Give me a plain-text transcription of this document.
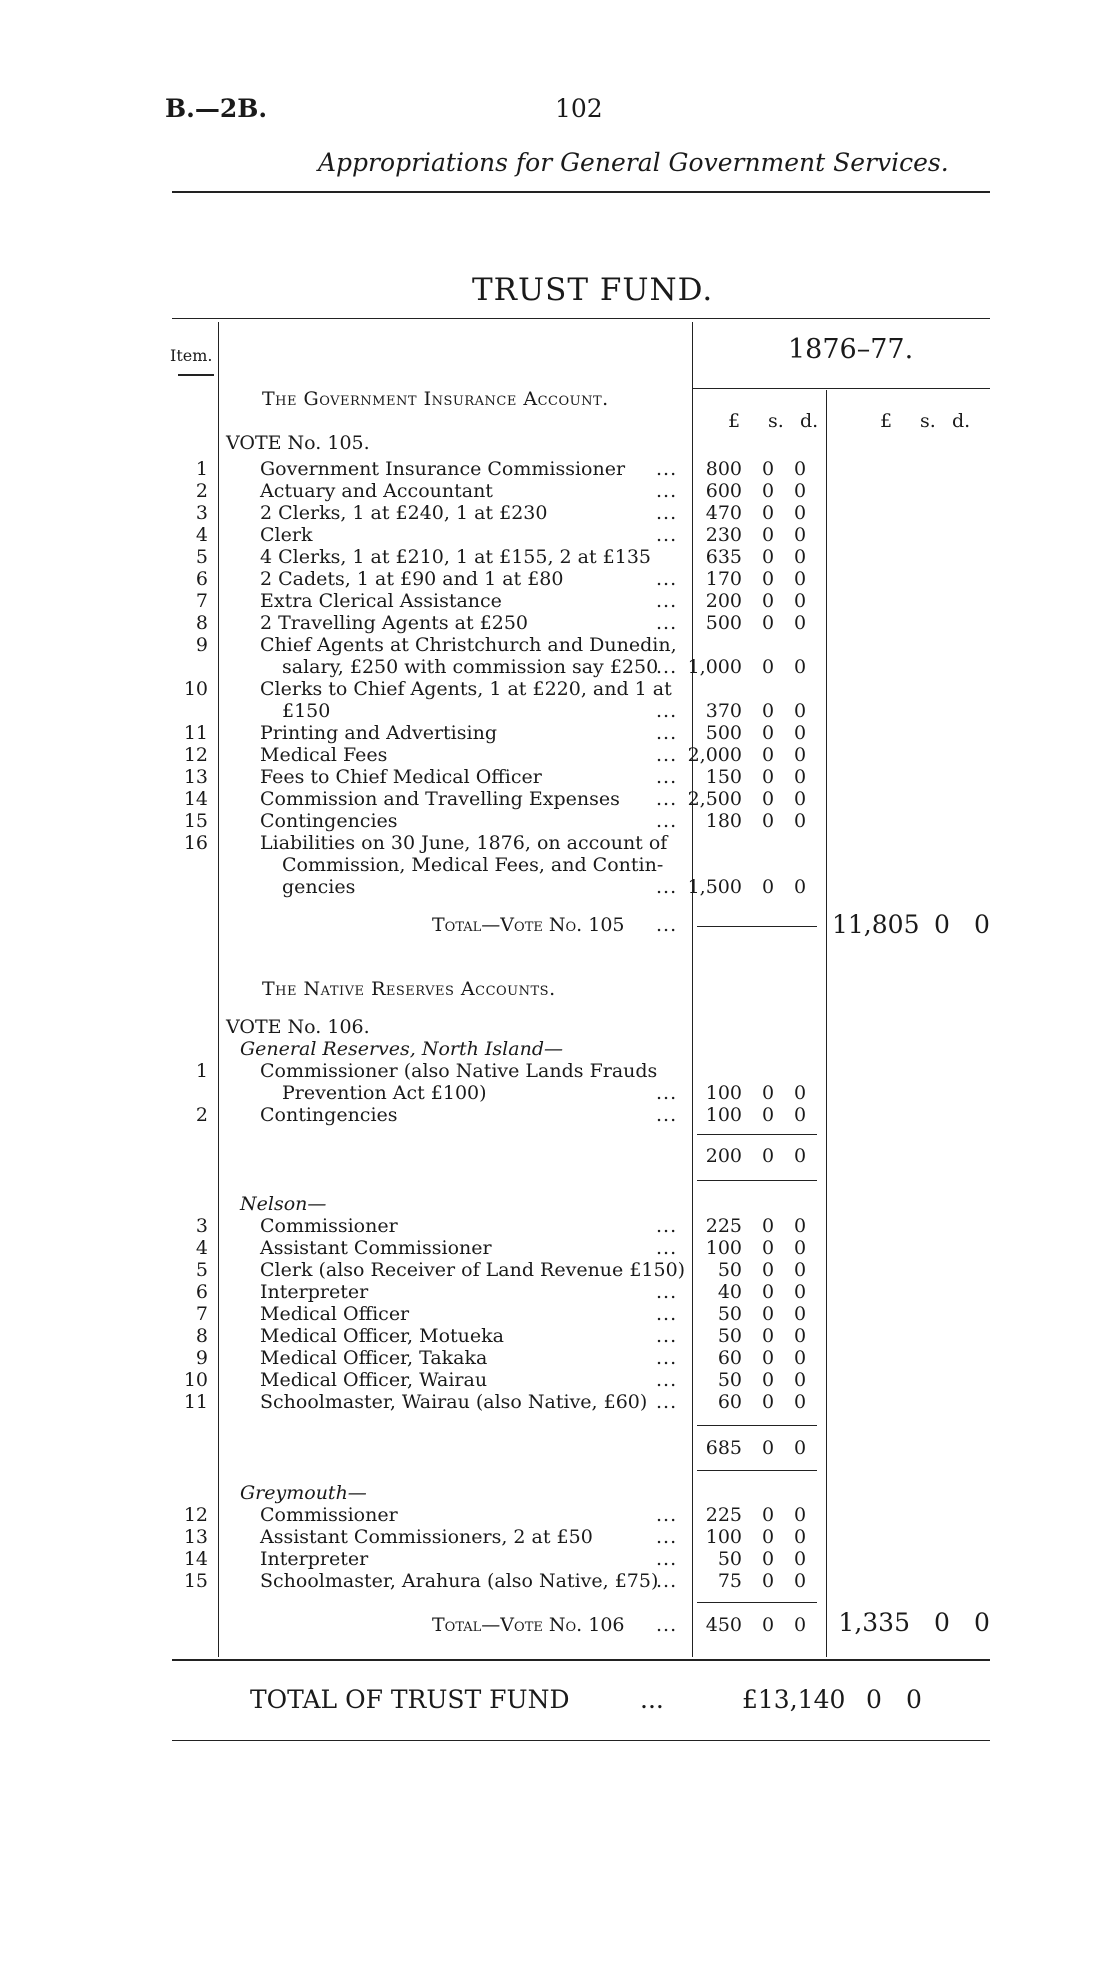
B.—2B.	102
Appropriations for General Government Services.
TRUST FUND.
Item.	1876–77.
£ s. d.	£ s. d.
The Government Insurance Account.
VOTE No. 105.
1	Government Insurance Commissioner ...	800 0 0
2	Actuary and Accountant	...	600 0 0
3	2 Clerks, 1 at £240, 1 at £230	...	470 0 0
4	Clerk	...	230 0 0
5	4 Clerks, 1 at £210, 1 at £155, 2 at £135	635 0 0
6	2 Cadets, 1 at £90 and 1 at £80	...	170 0 0
7	Extra Clerical Assistance	...	200 0 0
8	2 Travelling Agents at £250	...	500 0 0
9	Chief Agents at Christchurch and Dunedin,
salary, £250 with commission say £250
... 1,000 0 0
10	Clerks to Chief Agents, 1 at £220, and 1 at
£150	...	370 0 0
11	Printing and Advertising	...	500 0 0
12	Medical Fees	... 2,000 0 0
13	Fees to Chief Medical Officer	...	150 0 0
14	Commission and Travelling Expenses ... 2,500 0 0
15	Contingencies	...	180 0 0
16	Liabilities on 30 June, 1876, on account of
Commission, Medical Fees, and Contin-
gencies	... 1,500 0 0
Total—Vote No. 105 ...	11,805 0 0
The Native Reserves Accounts.
VOTE No. 106.
General Reserves, North Island—
1	Commissioner (also Native Lands Frauds
Prevention Act £100)	...	100 0 0
2	Contingencies	...	100 0 0
200 0 0
Nelson—
3	Commissioner	...	225 0 0
4	Assistant Commissioner	...	100 0 0
5	Clerk (also Receiver of Land Revenue £150)	50 0 0
6	Interpreter	...	40 0 0
7	Medical Officer	...	50 0 0
8	Medical Officer, Motueka	...	50 0 0
9	Medical Officer, Takaka	...	60 0 0
10	Medical Officer, Wairau	...	50 0 0
11	Schoolmaster, Wairau (also Native, £60) ...	60 0 0
685 0 0
Greymouth—
12	Commissioner	...	225 0 0
13	Assistant Commissioners, 2 at £50	...	100 0 0
14	Interpreter	...	50 0 0
15	Schoolmaster, Arahura (also Native, £75)
...	75 0 0
Total—Vote No. 106 ...	450 0 0 1,335 0 0
TOTAL OF TRUST FUND	...	£13,140 0 0
